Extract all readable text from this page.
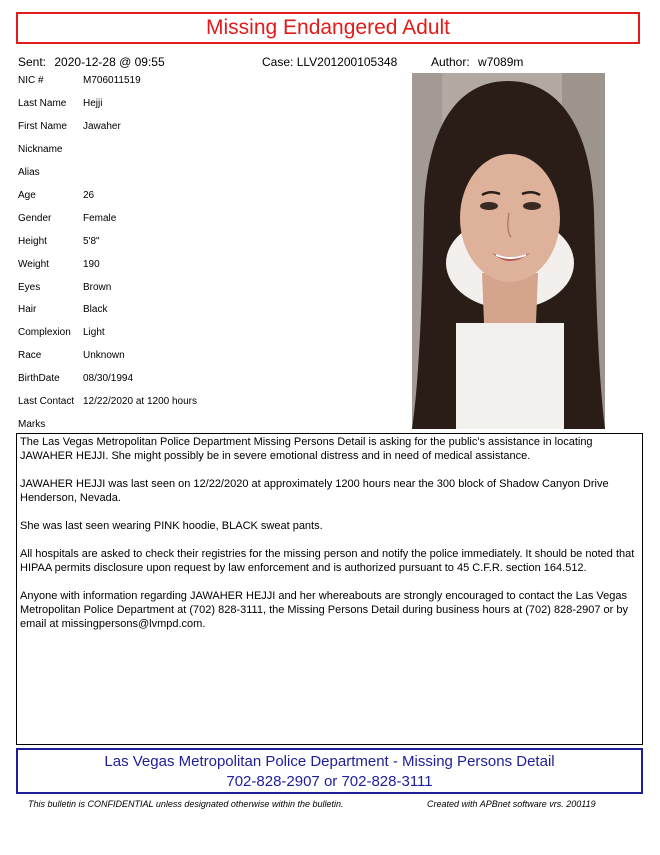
Missing Endangered Adult
Sent: 2020-12-28 @ 09:55	Case: LLV201200105348	Author: w7089m
NIC #	M706011519
Last Name Hejji
First Name Jawaher
Nickname
Alias
Age	26
Gender	Female
Height	5'8"
Weight	190
Eyes	Brown
Hair	Black
Complexion Light
Race	Unknown
BirthDate 08/30/1994
Last Contact 12/22/2020 at 1200 hours
Marks

The Las Vegas Metropolitan Police Department Missing Persons Detail is asking for the public's assistance in locating JAWAHER HEJJI. She might possibly be in severe emotional distress and in need of medical assistance.

JAWAHER HEJJI was last seen on 12/22/2020 at approximately 1200 hours near the 300 block of Shadow Canyon Drive Henderson, Nevada.

She was last seen wearing PINK hoodie, BLACK sweat pants.

All hospitals are asked to check their registries for the missing person and notify the police immediately. It should be noted that HIPAA permits disclosure upon request by law enforcement and is authorized pursuant to 45 C.F.R. section 164.512.

Anyone with information regarding JAWAHER HEJJI and her whereabouts are strongly encouraged to contact the Las Vegas Metropolitan Police Department at (702) 828-3111, the Missing Persons Detail during business hours at (702) 828-2907 or by email at missingpersons@lvmpd.com.

Las Vegas Metropolitan Police Department - Missing Persons Detail
702-828-2907 or 702-828-3111
This bulletin is CONFIDENTIAL unless designated otherwise within the bulletin.	Created with APBnet software vrs. 200119
